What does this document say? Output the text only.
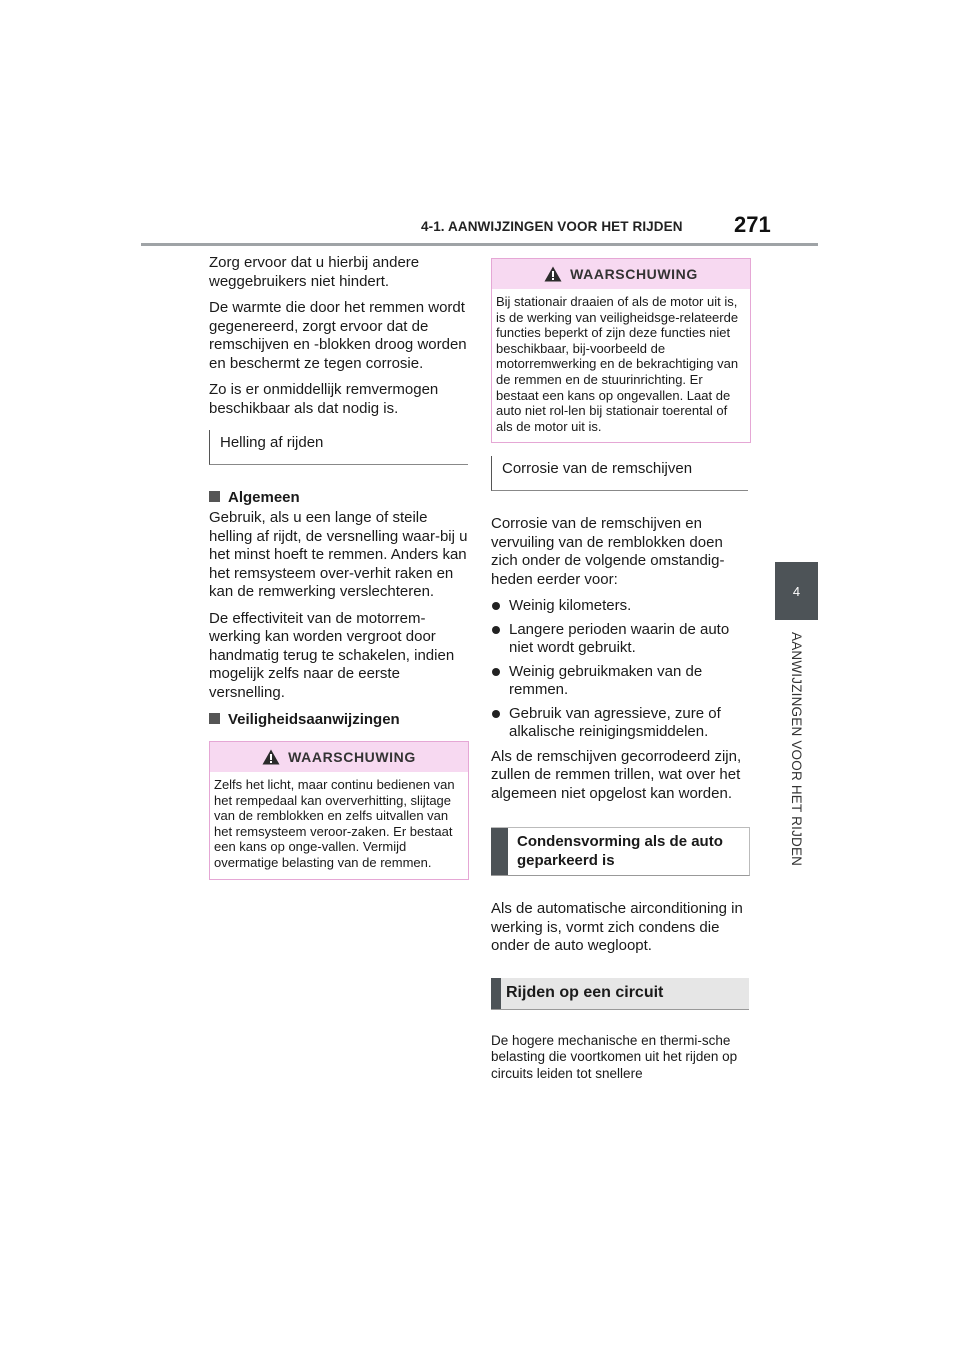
4-1. AANWIJZINGEN VOOR HET RIJDEN 271
4
AANWIJZINGEN VOOR HET RIJDEN

Zorg ervoor dat u hierbij andere weggebruikers niet hindert.

De warmte die door het remmen wordt gegenereerd, zorgt ervoor dat de remschijven en -blokken droog worden en beschermt ze tegen corrosie.

Zo is er onmiddellijk remvermogen beschikbaar als dat nodig is.

Helling af rijden
Algemeen

Gebruik, als u een lange of steile helling af rijdt, de versnelling waar-bij u het minst hoeft te remmen. Anders kan het remsysteem over-verhit raken en kan de remwerking verslechteren.

De effectiviteit van de motorrem-werking kan worden vergroot door handmatig terug te schakelen, indien mogelijk zelfs naar de eerste versnelling.

Veiligheidsaanwijzingen
WAARSCHUWING
Zelfs het licht, maar continu bedienen van het rempedaal kan oververhitting, slijtage van de remblokken en zelfs uitvallen van het remsysteem veroor-zaken. Er bestaat een kans op onge-vallen. Vermijd overmatige belasting van de remmen.
WAARSCHUWING
Bij stationair draaien of als de motor uit is, is de werking van veiligheidsge-relateerde functies beperkt of zijn deze functies niet beschikbaar, bij-voorbeeld de motorremwerking en de bekrachtiging van de remmen en de stuurinrichting. Er bestaat een kans op ongevallen. Laat de auto niet rol-len bij stationair toerental of als de motor uit is.
Corrosie van de remschijven

Corrosie van de remschijven en vervuiling van de remblokken doen zich onder de volgende omstandig-heden eerder voor:

Weinig kilometers.
Langere perioden waarin de auto niet wordt gebruikt.
Weinig gebruikmaken van de remmen.
Gebruik van agressieve, zure of alkalische reinigingsmiddelen.

Als de remschijven gecorrodeerd zijn, zullen de remmen trillen, wat over het algemeen niet opgelost kan worden.

Condensvorming als de auto geparkeerd is

Als de automatische airconditioning in werking is, vormt zich condens die onder de auto wegloopt.

Rijden op een circuit

De hogere mechanische en thermi-sche belasting die voortkomen uit het rijden op circuits leiden tot snellere
